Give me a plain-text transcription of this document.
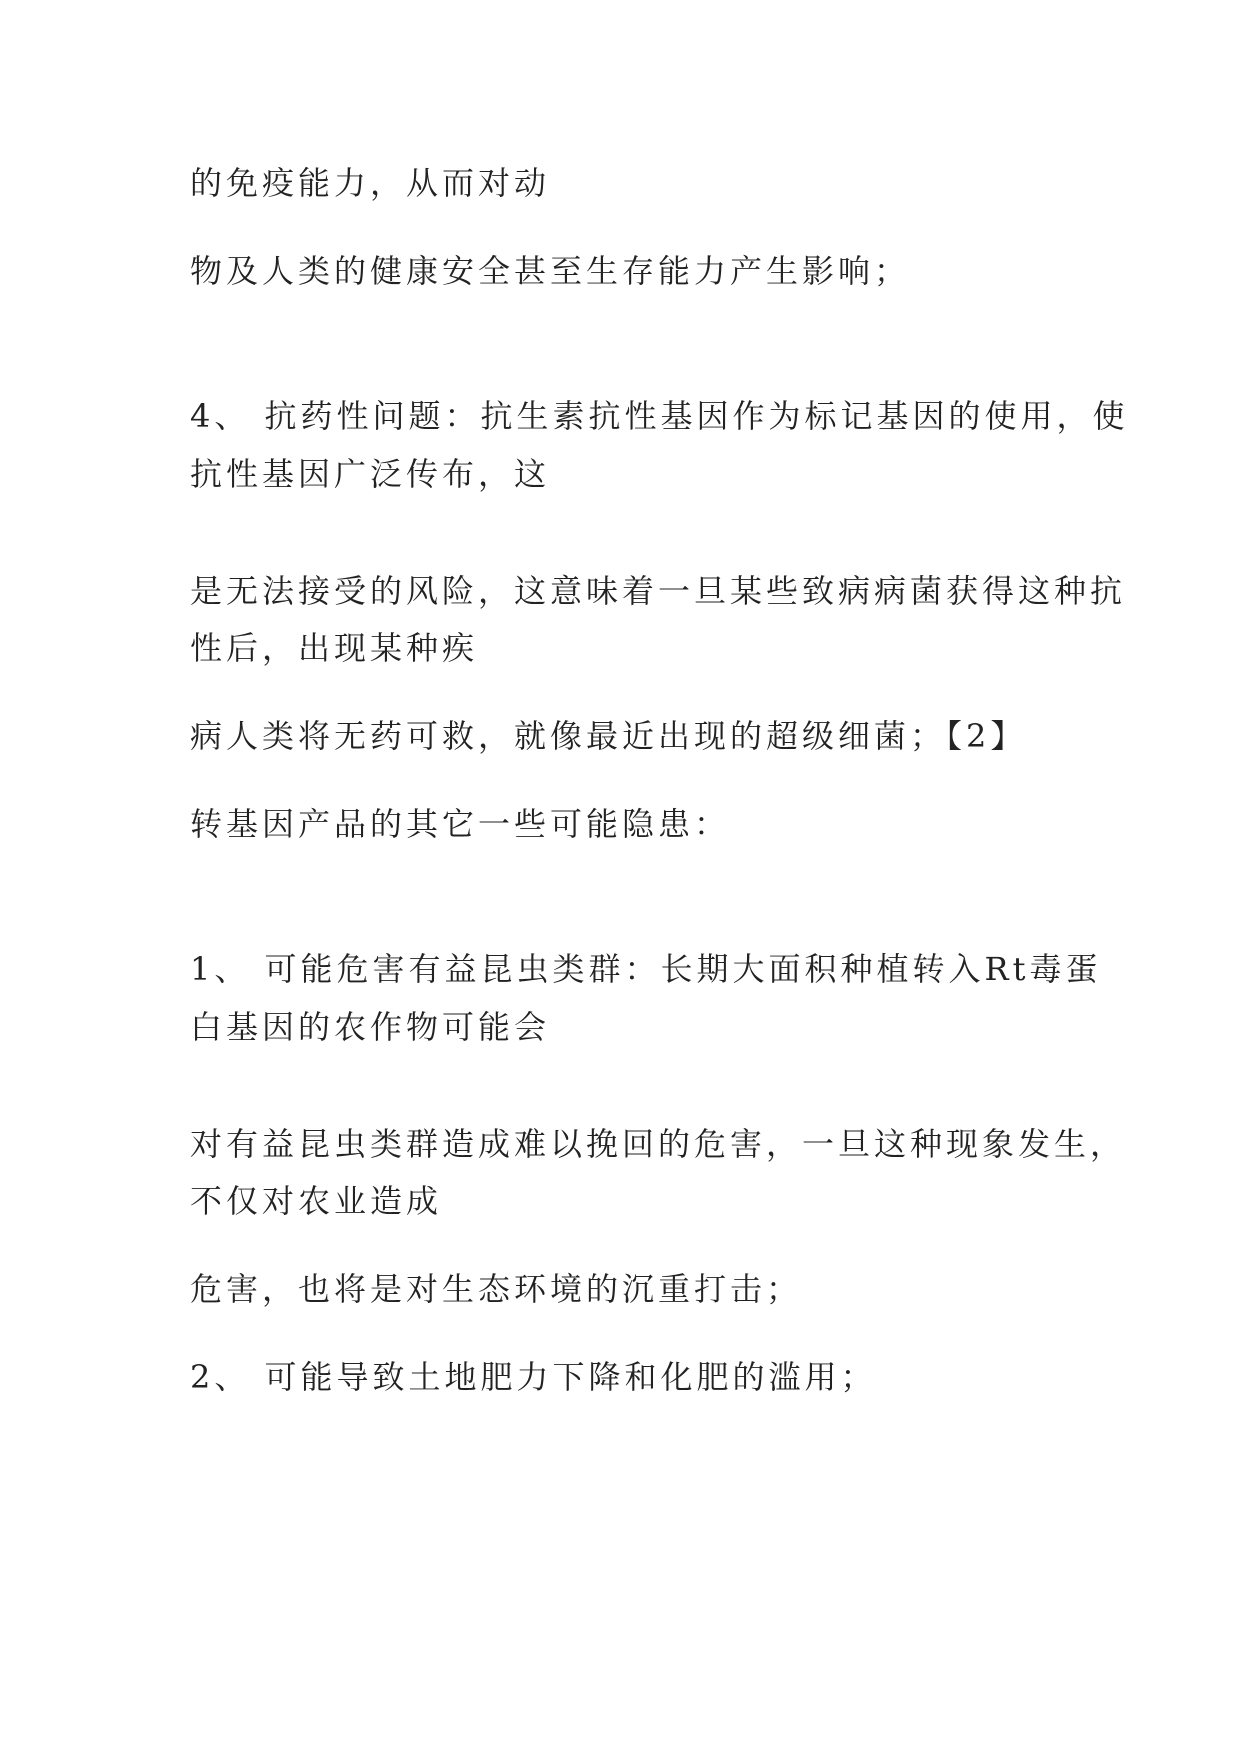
的免疫能力，从而对动
物及人类的健康安全甚至生存能力产生影响；
4、 抗药性问题：抗生素抗性基因作为标记基因的使用，使
抗性基因广泛传布，这
是无法接受的风险，这意味着一旦某些致病病菌获得这种抗
性后，出现某种疾
病人类将无药可救，就像最近出现的超级细菌；【2】
转基因产品的其它一些可能隐患：
1、 可能危害有益昆虫类群：长期大面积种植转入Rt毒蛋
白基因的农作物可能会
对有益昆虫类群造成难以挽回的危害，一旦这种现象发生，
不仅对农业造成
危害，也将是对生态环境的沉重打击；
2、 可能导致土地肥力下降和化肥的滥用；
